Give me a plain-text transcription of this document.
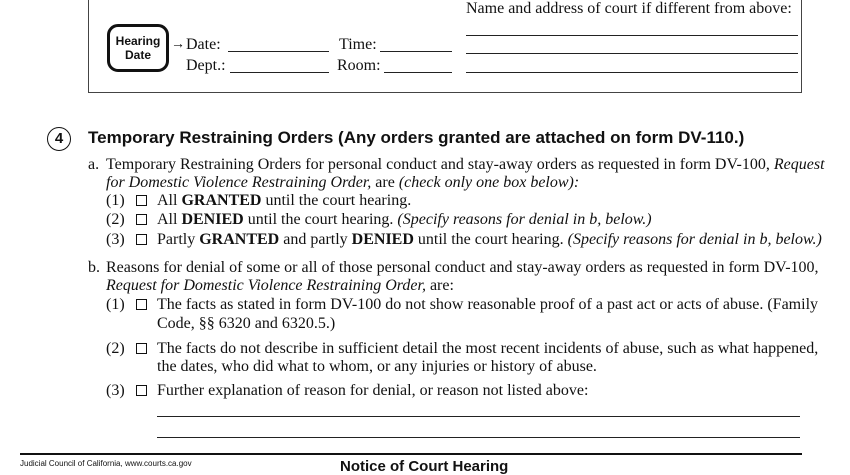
Hearing
Date
→ Date:	Time:
Dept.:	Room:
Name and address of court if different from above:
4	Temporary Restraining Orders (Any orders granted are attached on form DV-110.)
a. Temporary Restraining Orders for personal conduct and stay-away orders as requested in form DV-100, Request
for Domestic Violence Restraining Order, are (check only one box below):
(1) All GRANTED until the court hearing.
(2) All DENIED until the court hearing. (Specify reasons for denial in b, below.)
(3) Partly GRANTED and partly DENIED until the court hearing. (Specify reasons for denial in b, below.)
b. Reasons for denial of some or all of those personal conduct and stay-away orders as requested in form DV-100,
Request for Domestic Violence Restraining Order, are:
(1) The facts as stated in form DV-100 do not show reasonable proof of a past act or acts of abuse. (Family
Code, §§ 6320 and 6320.5.)
(2) The facts do not describe in sufficient detail the most recent incidents of abuse, such as what happened,
the dates, who did what to whom, or any injuries or history of abuse.
(3) Further explanation of reason for denial, or reason not listed above:
Judicial Council of California, www.courts.ca.gov	Notice of Court Hearing
